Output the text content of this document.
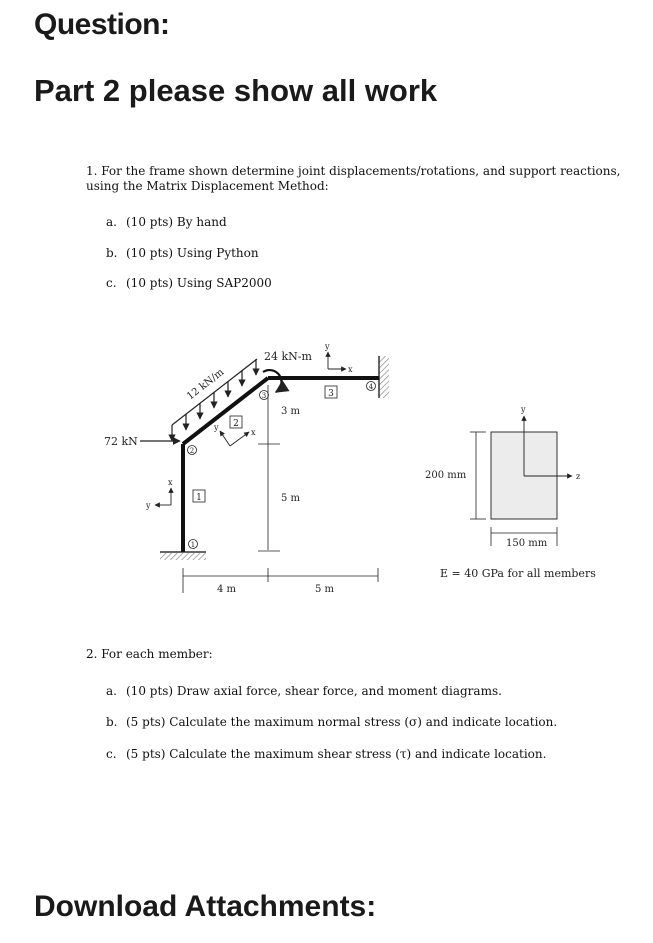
Question:
Part 2 please show all work

1. For the frame shown determine joint displacements/rotations, and support reactions,

using the Matrix Displacement Method:

a. (10 pts) By hand

b. (10 pts) Using Python

c. (10 pts) Using SAP2000

12 kN/m
72 kN
24 kN-m
1
2
3
4
1
2
3
x
y
x
y
x
y
3 m
5 m
4 m	5 m
y
z
200 mm
150 mm
E = 40 GPa for all members

2. For each member:

a. (10 pts) Draw axial force, shear force, and moment diagrams.

b. (5 pts) Calculate the maximum normal stress (σ) and indicate location.

c. (5 pts) Calculate the maximum shear stress (τ) and indicate location.

Download Attachments:
